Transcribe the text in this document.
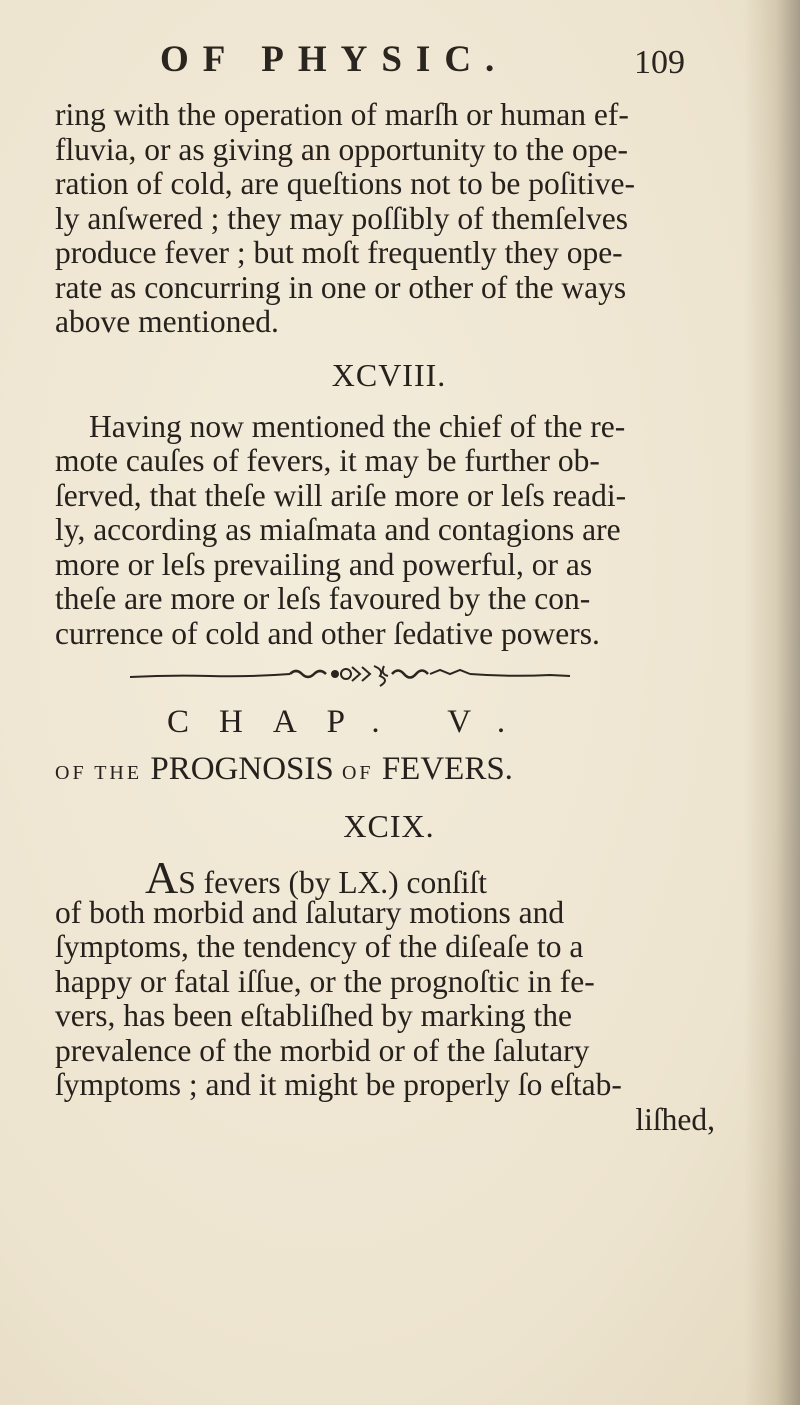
OF PHYSIC.	109
ring with the operation of marſh or human ef-
fluvia, or as giving an opportunity to the ope-
ration of cold, are queſtions not to be poſitive-
ly anſwered ; they may poſſibly of themſelves
produce fever ; but moſt frequently they ope-
rate as concurring in one or other of the ways
above mentioned.
XCVIII.
Having now mentioned the chief of the re-
mote cauſes of fevers, it may be further ob-
ſerved, that theſe will ariſe more or leſs readi-
ly, according as miaſmata and contagions are
more or leſs prevailing and powerful, or as
theſe are more or leſs favoured by the con-
currence of cold and other ſedative powers.
CHAP. V.
OF THE PROGNOSIS OF FEVERS.
XCIX.
AS fevers (by LX.) conſiſt
of both morbid and ſalutary motions and
ſymptoms, the tendency of the diſeaſe to a
happy or fatal iſſue, or the prognoſtic in fe-
vers, has been eſtabliſhed by marking the
prevalence of the morbid or of the ſalutary
ſymptoms ; and it might be properly ſo eſtab-
liſhed,
